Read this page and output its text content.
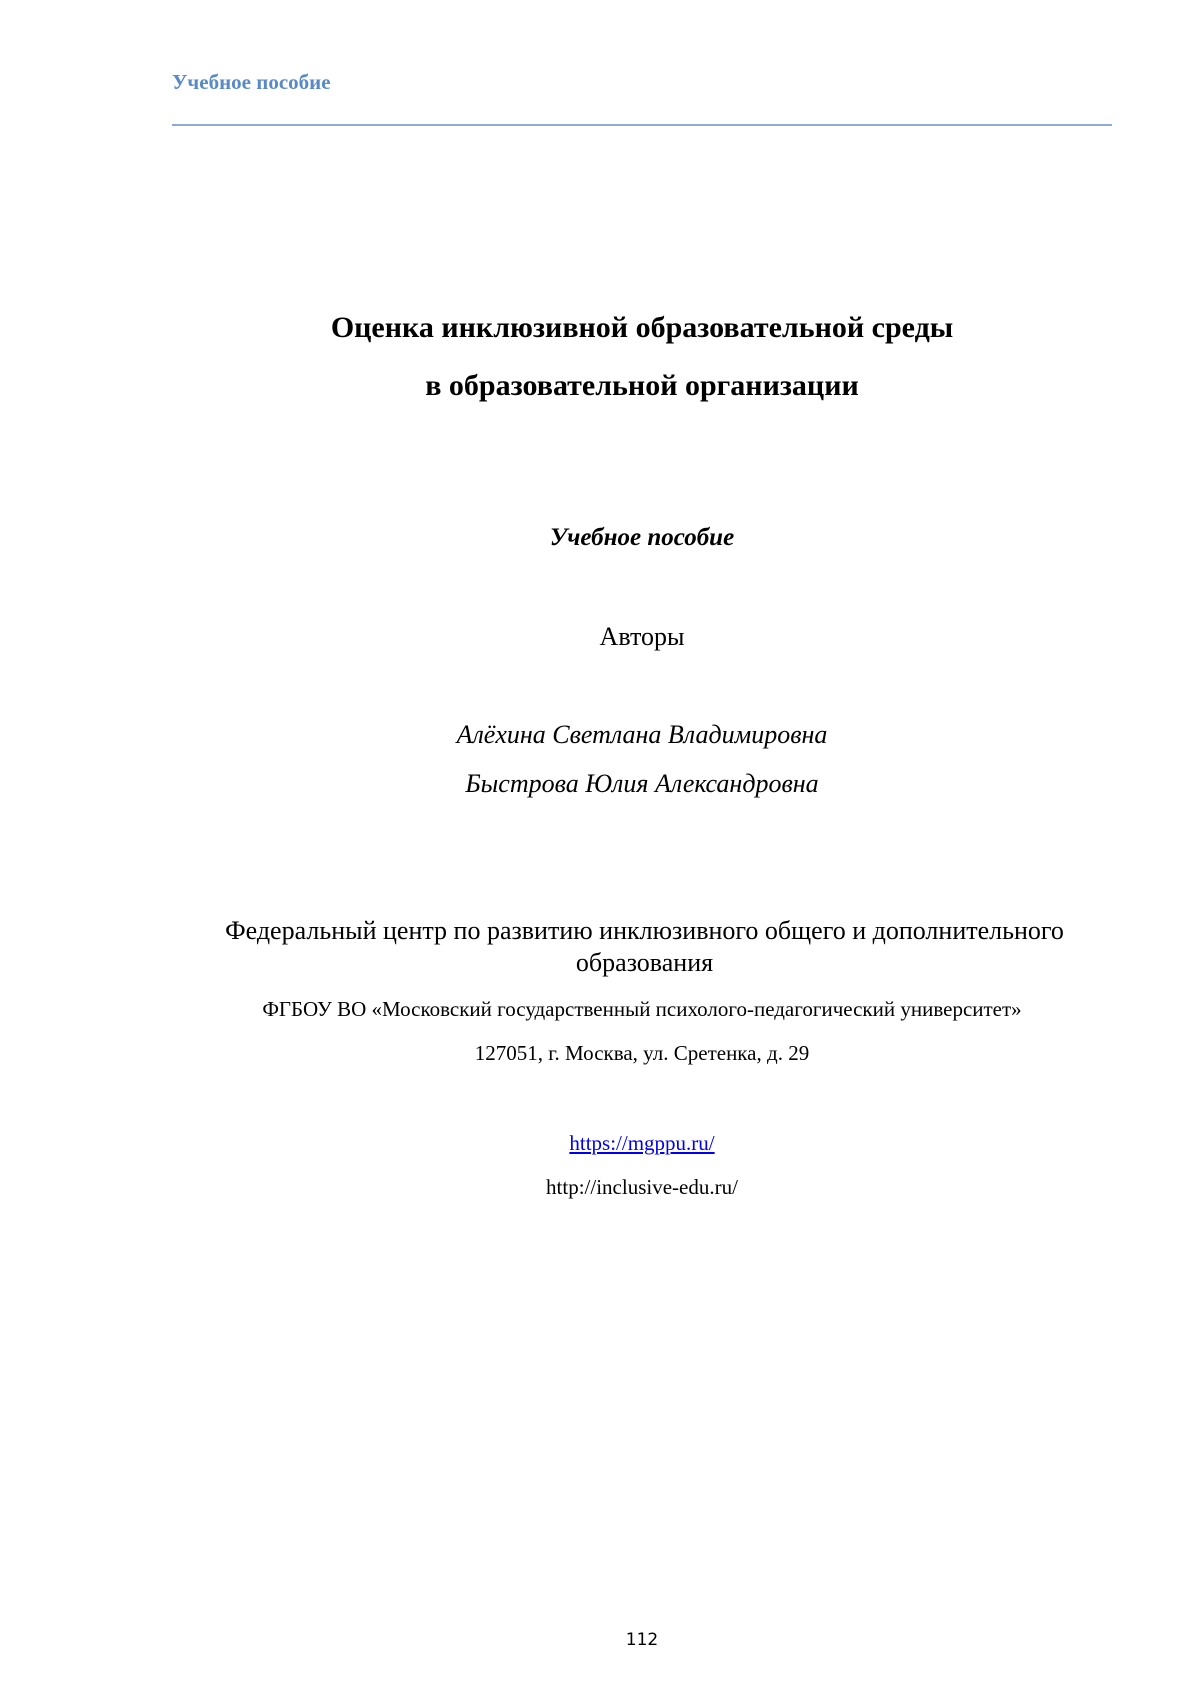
Учебное пособие
Оценка инклюзивной образовательной среды
в образовательной организации
Учебное пособие
Авторы
Алёхина Светлана Владимировна
Быстрова Юлия Александровна
Федеральный центр по развитию инклюзивного общего и дополнительного образования
ФГБОУ ВО «Московский государственный психолого-педагогический университет»
127051, г. Москва, ул. Сретенка, д. 29
https://mgppu.ru/
http://inclusive-edu.ru/
112
